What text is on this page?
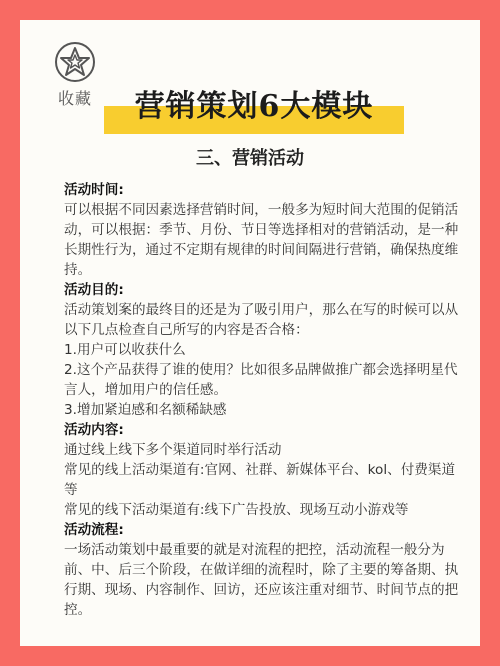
收藏	营销策划6大模块
三、营销活动

活动时间:

可以根据不同因素选择营销时间，一般多为短时间大范围的促销活动，可以根据：季节、月份、节日等选择相对的营销活动，是一种长期性行为，通过不定期有规律的时间间隔进行营销，确保热度维持。

活动目的:

活动策划案的最终目的还是为了吸引用户，那么在写的时候可以从以下几点检查自己所写的内容是否合格：

1.用户可以收获什么

2.这个产品获得了谁的使用？比如很多品牌做推广都会选择明星代言人，增加用户的信任感。

3.增加紧迫感和名额稀缺感

活动内容:

通过线上线下多个渠道同时举行活动

常见的线上活动渠道有:官网、社群、新媒体平台、kol、付费渠道等

常见的线下活动渠道有:线下广告投放、现场互动小游戏等

活动流程:

一场活动策划中最重要的就是对流程的把控，活动流程一般分为前、中、后三个阶段，在做详细的流程时，除了主要的筹备期、执行期、现场、内容制作、回访，还应该注重对细节、时间节点的把控。
